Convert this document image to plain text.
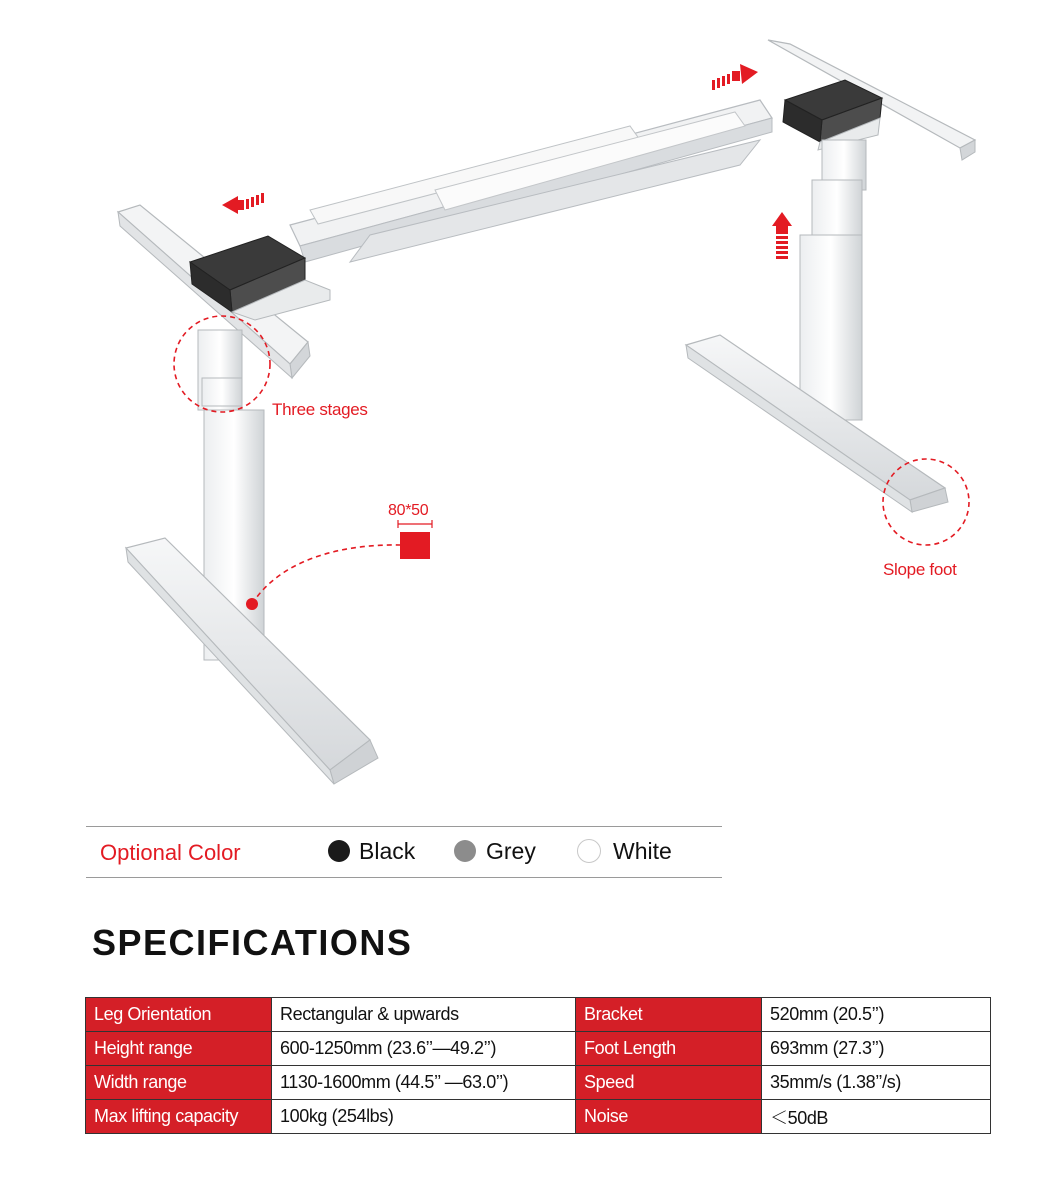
Three stages
80*50
Slope foot
Optional Color	Black	Grey	White
SPECIFICATIONS
Leg Orientation	Rectangular & upwards	Bracket	520mm (20.5’’)
Height range	600-1250mm (23.6’’—49.2’’)	Foot Length	693mm (27.3’’)
Width range	1130-1600mm (44.5’’ —63.0’’)	Speed	35mm/s (1.38’’/s)
Max lifting capacity	100kg (254lbs)	Noise	＜50dB
